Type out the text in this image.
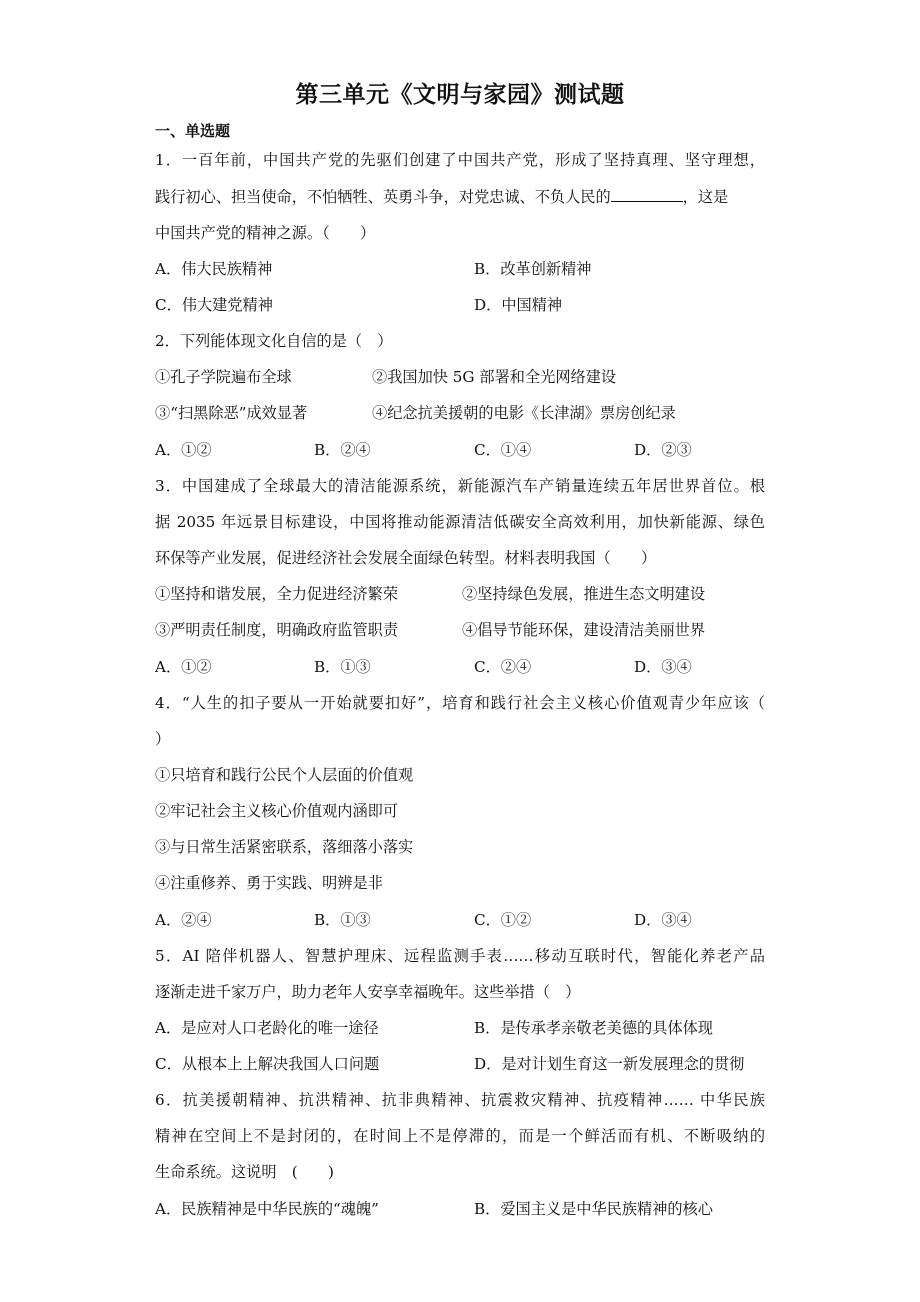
第三单元《文明与家园》测试题
一、单选题
1．一百年前，中国共产党的先驱们创建了中国共产党，形成了坚持真理、坚守理想，
践行初心、担当使命，不怕牺牲、英勇斗争，对党忠诚、不负人民的	，这是
中国共产党的精神之源。（　　）
A．伟大民族精神	B．改革创新精神
C．伟大建党精神	D．中国精神
2．下列能体现文化自信的是（　）
①孔子学院遍布全球	②我国加快 5G 部署和全光网络建设
③“扫黑除恶”成效显著	④纪念抗美援朝的电影《长津湖》票房创纪录
A．①②	B．②④	C．①④	D．②③
3．中国建成了全球最大的清洁能源系统，新能源汽车产销量连续五年居世界首位。根
据 2035 年远景目标建设，中国将推动能源清洁低碳安全高效利用，加快新能源、绿色
环保等产业发展，促进经济社会发展全面绿色转型。材料表明我国（　　）
①坚持和谐发展，全力促进经济繁荣	②坚持绿色发展，推进生态文明建设
③严明责任制度，明确政府监管职责	④倡导节能环保，建设清洁美丽世界
A．①②	B．①③	C．②④	D．③④
4．“人生的扣子要从一开始就要扣好”，培育和践行社会主义核心价值观青少年应该（
）
①只培育和践行公民个人层面的价值观
②牢记社会主义核心价值观内涵即可
③与日常生活紧密联系，落细落小落实
④注重修养、勇于实践、明辨是非
A．②④	B．①③	C．①②	D．③④
5．AI 陪伴机器人、智慧护理床、远程监测手表……移动互联时代，智能化养老产品
逐渐走进千家万户，助力老年人安享幸福晚年。这些举措（　）
A．是应对人口老龄化的唯一途径	B．是传承孝亲敬老美德的具体体现
C．从根本上上解决我国人口问题	D．是对计划生育这一新发展理念的贯彻
6．抗美援朝精神、抗洪精神、抗非典精神、抗震救灾精神、抗疫精神…… 中华民族
精神在空间上不是封闭的，在时间上不是停滞的，而是一个鲜活而有机、不断吸纳的
生命系统。这说明　(　　)
A．民族精神是中华民族的“魂魄”	B．爱国主义是中华民族精神的核心
